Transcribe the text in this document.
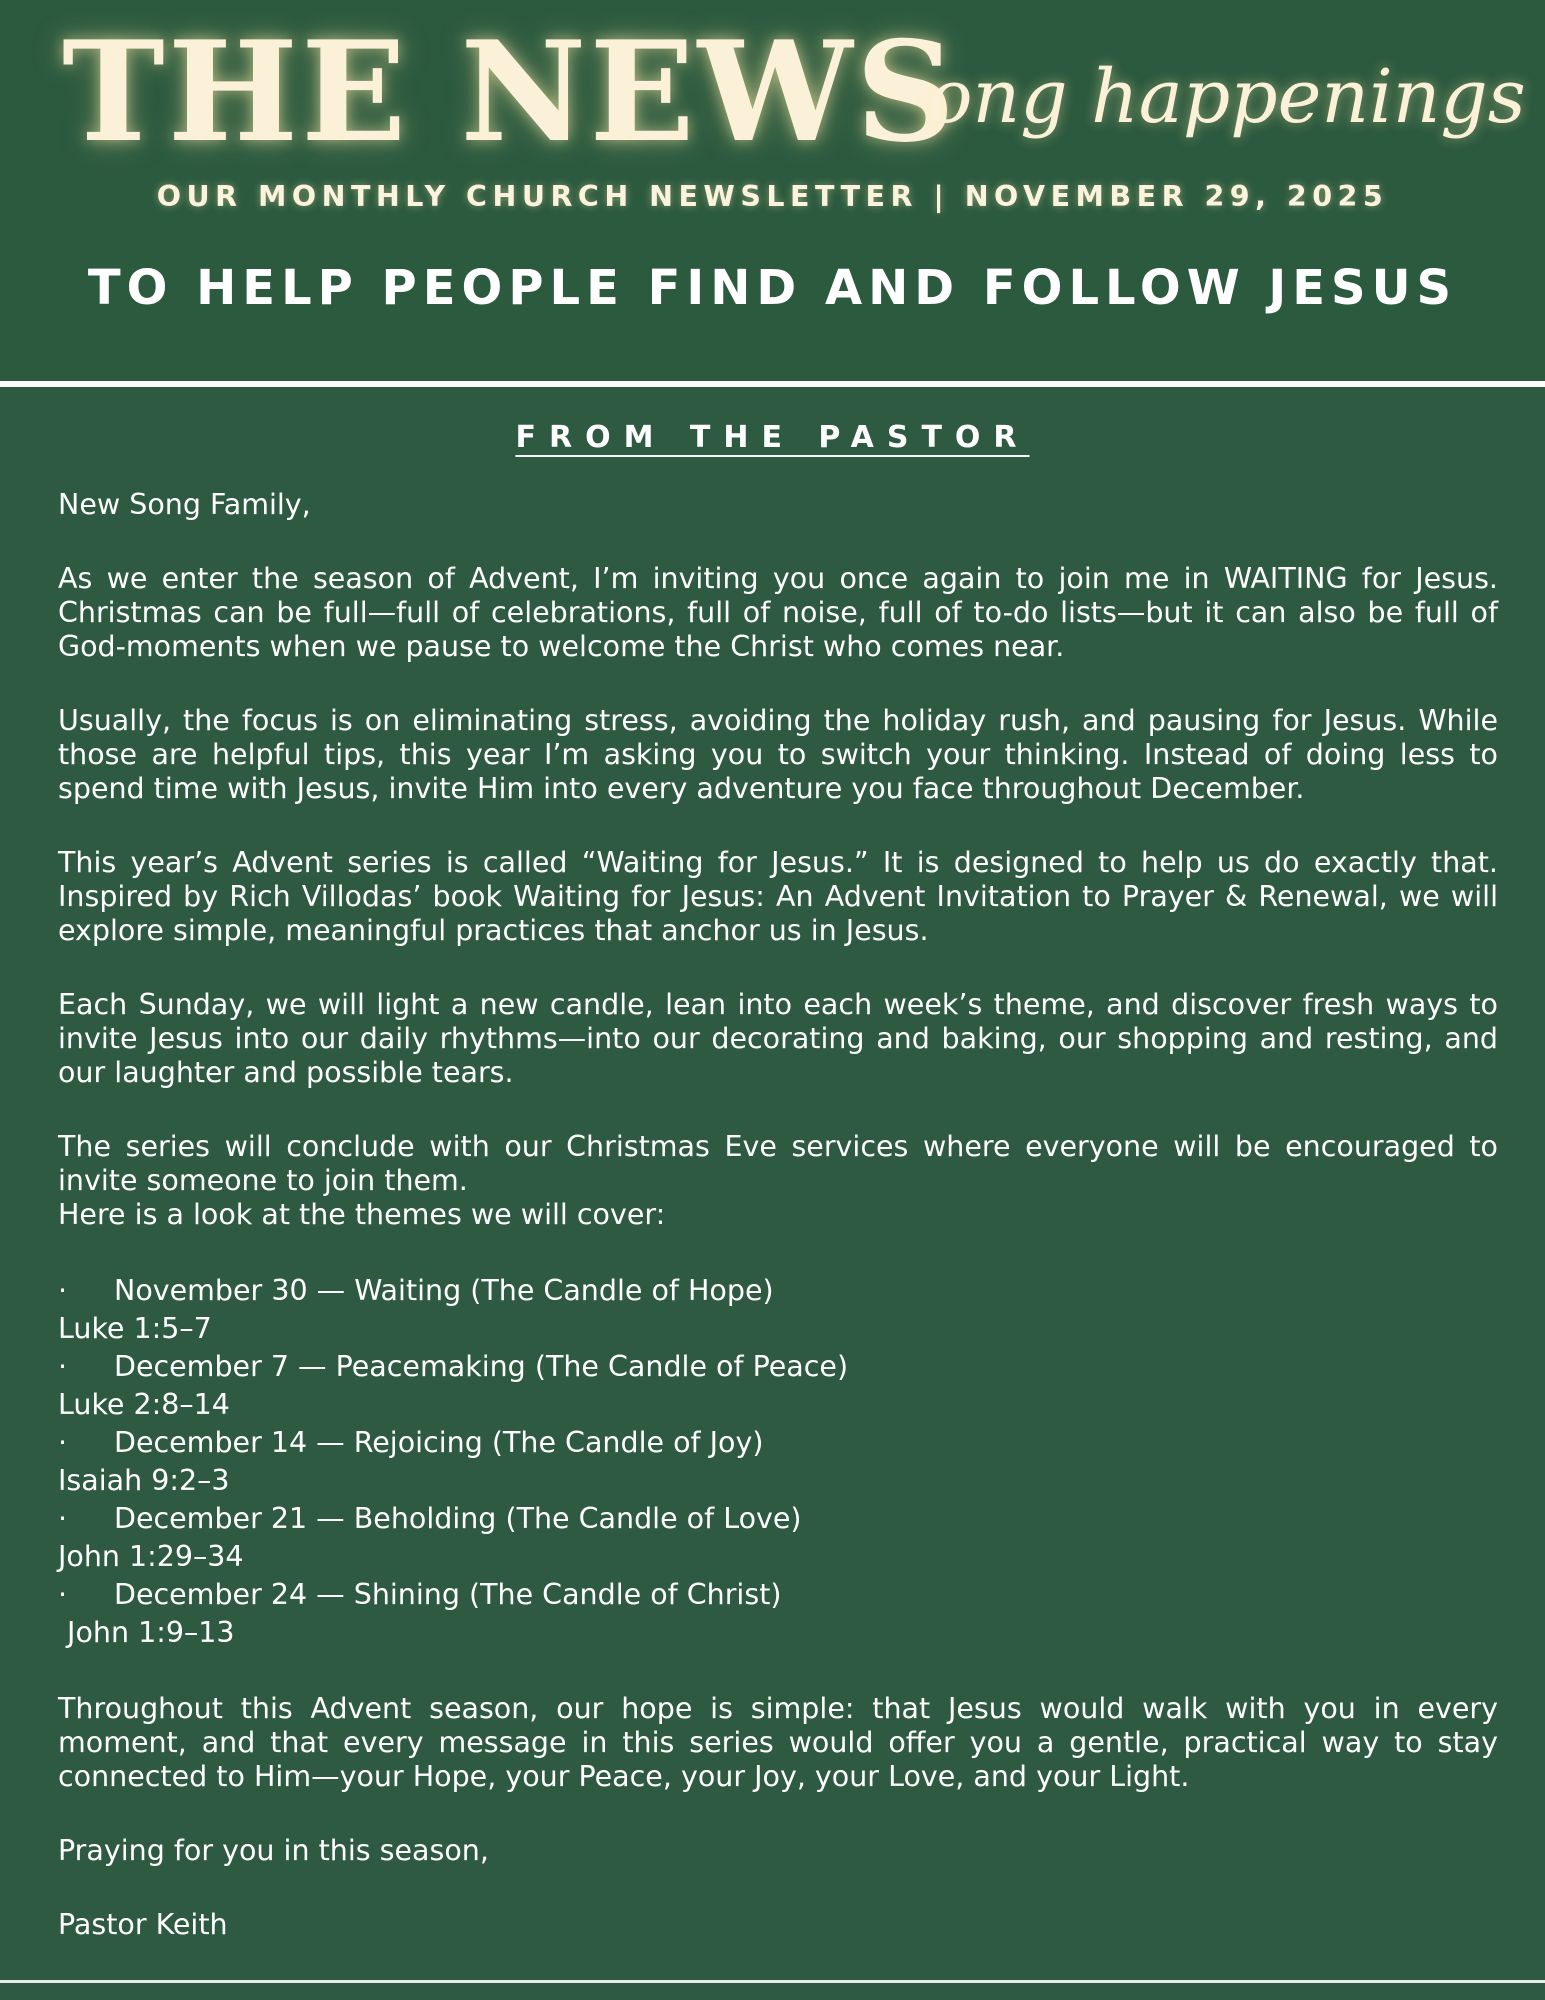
THE NEWS
ong happenings
OUR MONTHLY CHURCH NEWSLETTER | NOVEMBER 29, 2025
TO HELP PEOPLE FIND AND FOLLOW JESUS
FROM THE PASTOR

New Song Family,

As we enter the season of Advent, I’m inviting you once again to join me in WAITING for Jesus. Christmas can be full—full of celebrations, full of noise, full of to-do lists—but it can also be full of God-moments when we pause to welcome the Christ who comes near.

Usually, the focus is on eliminating stress, avoiding the holiday rush, and pausing for Jesus. While those are helpful tips, this year I’m asking you to switch your thinking. Instead of doing less to spend time with Jesus, invite Him into every adventure you face throughout December.

This year’s Advent series is called “Waiting for Jesus.” It is designed to help us do exactly that. Inspired by Rich Villodas’ book Waiting for Jesus: An Advent Invitation to Prayer & Renewal, we will explore simple, meaningful practices that anchor us in Jesus.

Each Sunday, we will light a new candle, lean into each week’s theme, and discover fresh ways to invite Jesus into our daily rhythms—into our decorating and baking, our shopping and resting, and our laughter and possible tears.

The series will conclude with our Christmas Eve services where everyone will be encouraged to invite someone to join them.

Here is a look at the themes we will cover:

· November 30 — Waiting (The Candle of Hope)
Luke 1:5–7
· December 7 — Peacemaking (The Candle of Peace)
Luke 2:8–14
· December 14 — Rejoicing (The Candle of Joy)
Isaiah 9:2–3
· December 21 — Beholding (The Candle of Love)
John 1:29–34
· December 24 — Shining (The Candle of Christ)
John 1:9–13

Throughout this Advent season, our hope is simple: that Jesus would walk with you in every moment, and that every message in this series would offer you a gentle, practical way to stay connected to Him—your Hope, your Peace, your Joy, your Love, and your Light.

Praying for you in this season,

Pastor Keith
